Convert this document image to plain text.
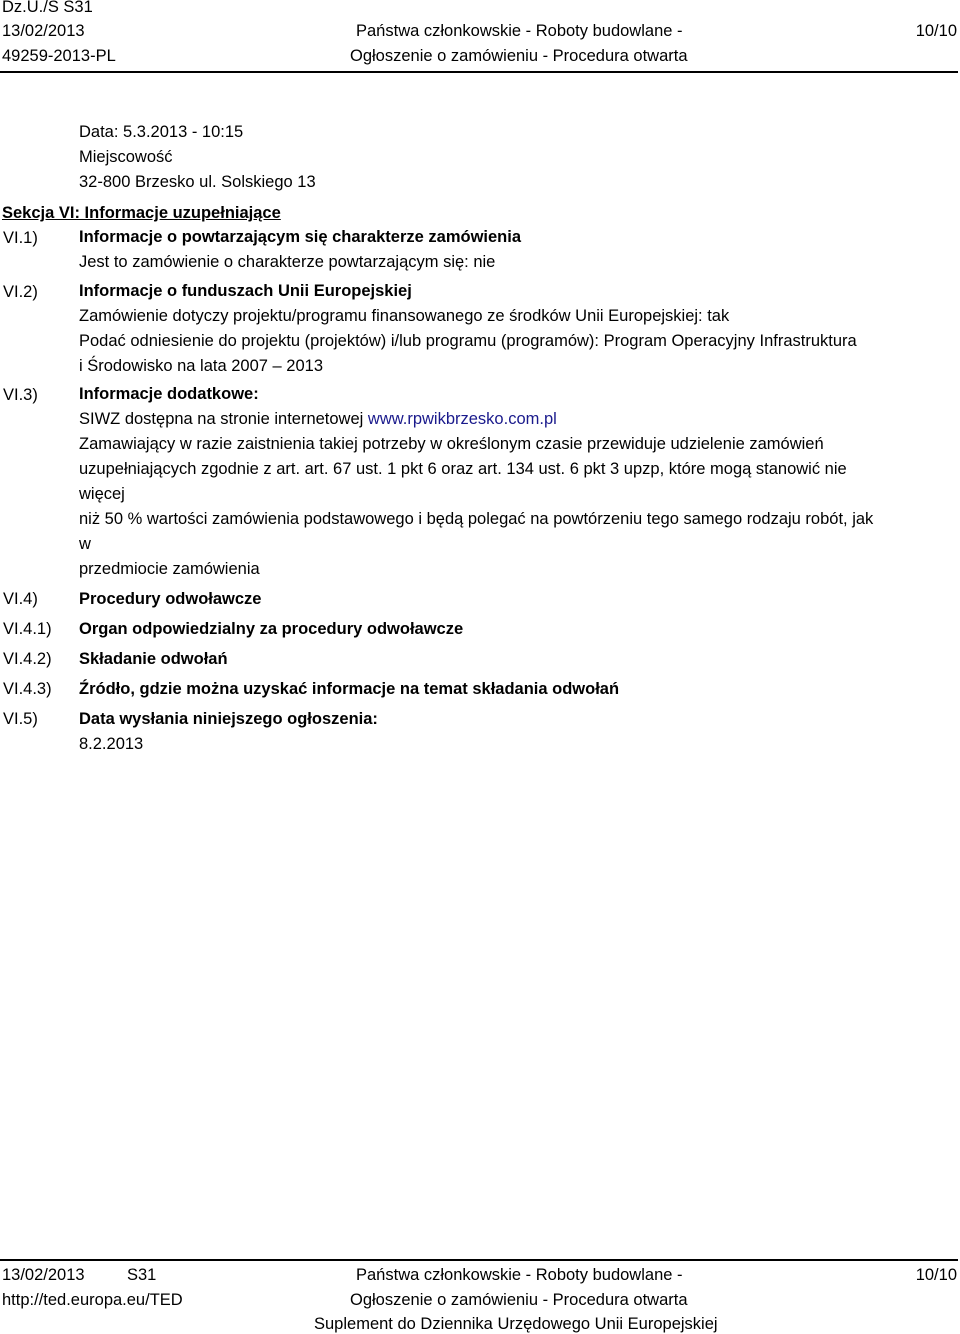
Dz.U./S S31
13/02/2013
49259-2013-PL
Państwa członkowskie - Roboty budowlane -
Ogłoszenie o zamówieniu - Procedura otwarta
10/10
Data: 5.3.2013 - 10:15
Miejscowość
32-800 Brzesko ul. Solskiego 13
Sekcja VI: Informacje uzupełniające
VI.1) Informacje o powtarzającym się charakterze zamówienia
Jest to zamówienie o charakterze powtarzającym się: nie
VI.2) Informacje o funduszach Unii Europejskiej
Zamówienie dotyczy projektu/programu finansowanego ze środków Unii Europejskiej: tak
Podać odniesienie do projektu (projektów) i/lub programu (programów): Program Operacyjny Infrastruktura
i Środowisko na lata 2007 – 2013
VI.3) Informacje dodatkowe:
SIWZ dostępna na stronie internetowej www.rpwikbrzesko.com.pl
Zamawiający w razie zaistnienia takiej potrzeby w określonym czasie przewiduje udzielenie zamówień
uzupełniających zgodnie z art. art. 67 ust. 1 pkt 6 oraz art. 134 ust. 6 pkt 3 upzp, które mogą stanowić nie
więcej
niż 50 % wartości zamówienia podstawowego i będą polegać na powtórzeniu tego samego rodzaju robót, jak
w
przedmiocie zamówienia
VI.4) Procedury odwoławcze
VI.4.1) Organ odpowiedzialny za procedury odwoławcze
VI.4.2) Składanie odwołań
VI.4.3) Źródło, gdzie można uzyskać informacje na temat składania odwołań
VI.5) Data wysłania niniejszego ogłoszenia:
8.2.2013
13/02/2013	S31
http://ted.europa.eu/TED
Państwa członkowskie - Roboty budowlane -
Ogłoszenie o zamówieniu - Procedura otwarta
Suplement do Dziennika Urzędowego Unii Europejskiej
10/10
